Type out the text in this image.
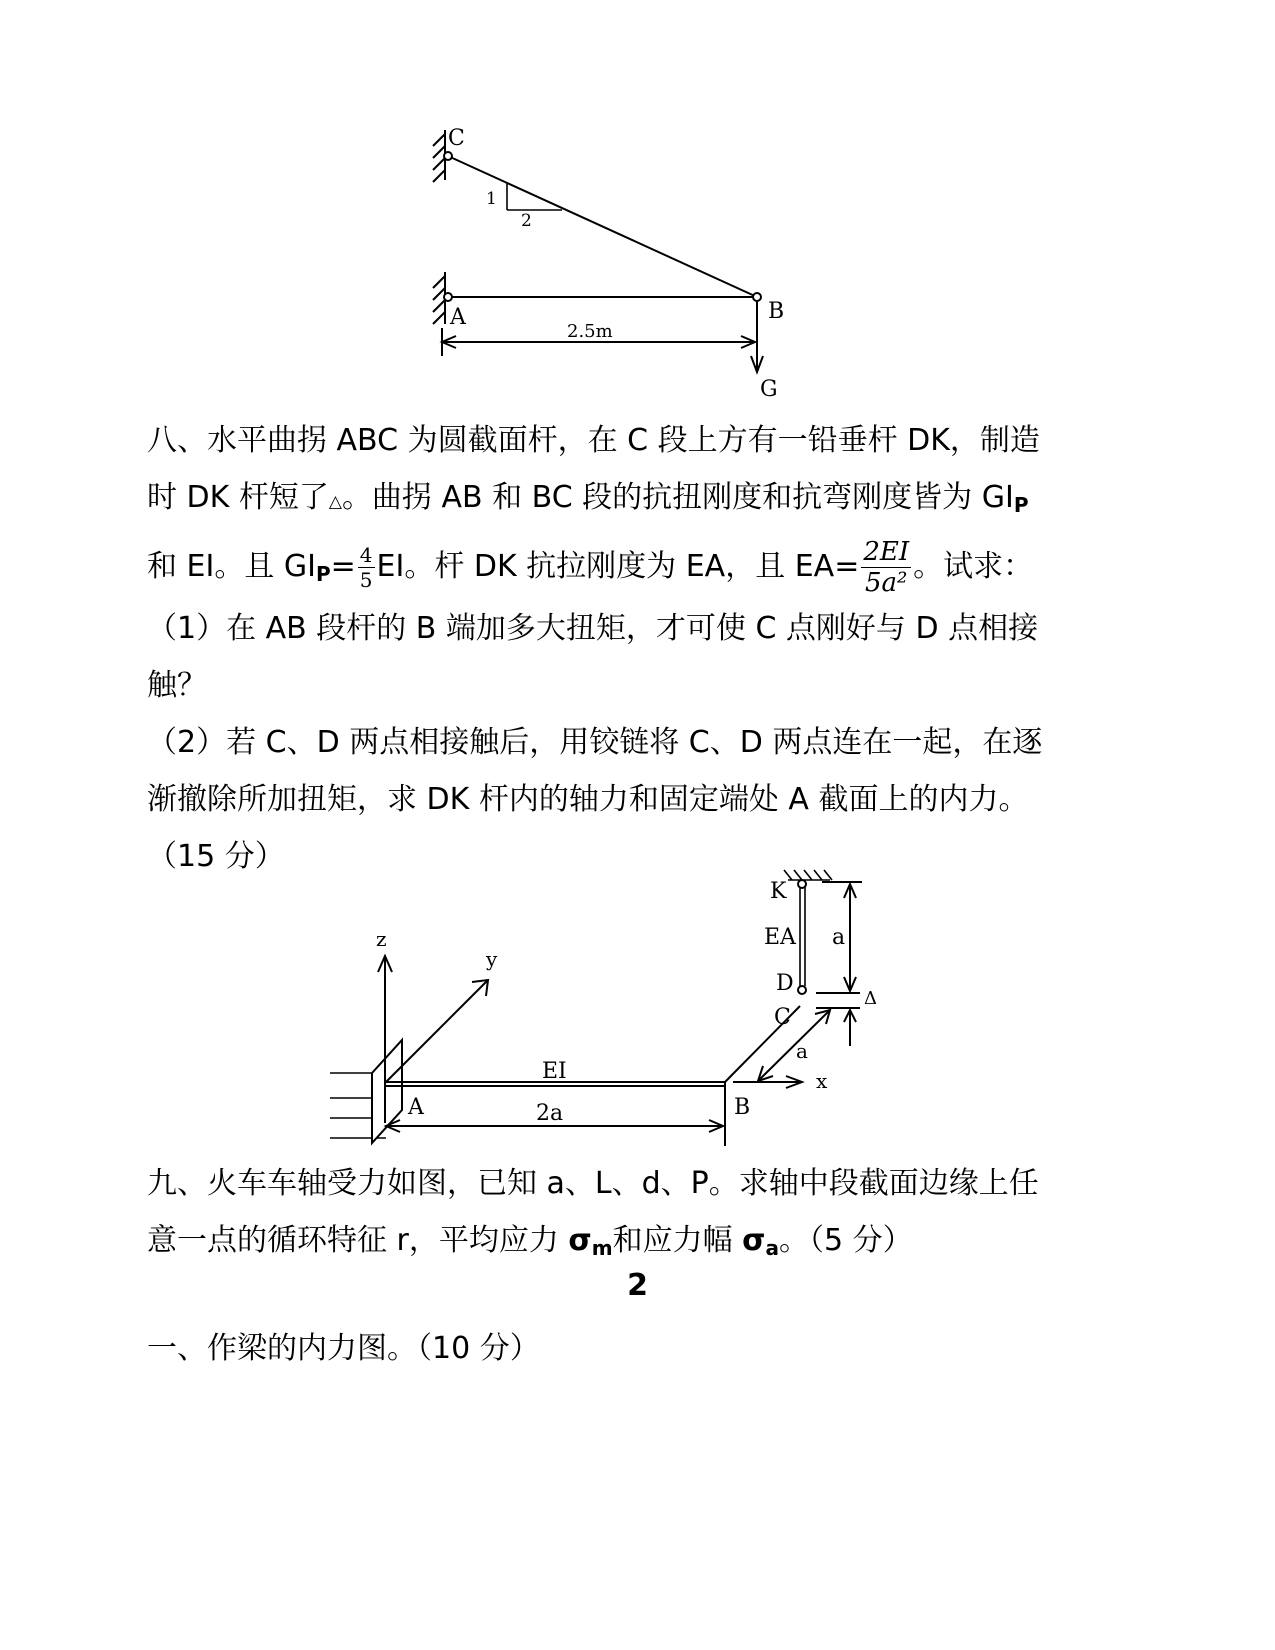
1
2
C
A	B
G
2.5m
八、水平曲拐 ABC 为圆截面杆，在 C 段上方有一铅垂杆 DK，制造
时 DK 杆短了△。曲拐 AB 和 BC 段的抗扭刚度和抗弯刚度皆为 $GI_P$
和 EI。且 $GI_P= \frac{4}{5}$ EI。杆 DK 抗拉刚度为 EA，且 $EA= \frac{2EI}{\text{5a²}}$ 。试求：
（1）在 AB 段杆的 B 端加多大扭矩，才可使 C 点刚好与 D 点相接
触？
（2）若 C、D 两点相接触后，用铰链将 C、D 两点连在一起，在逐
渐撤除所加扭矩，求 DK 杆内的轴力和固定端处 A 截面上的内力。
（15 分）
z
y
EI
A	B
2a
x
a
C
K
EA
D
a
Δ
九、火车车轴受力如图，已知 a、L、d、P。求轴中段截面边缘上任
意一点的循环特征 r，平均应力 $\sigma_m$和应力幅 $\sigma_a$。（5 分）
2
一、作梁的内力图。（10 分）
